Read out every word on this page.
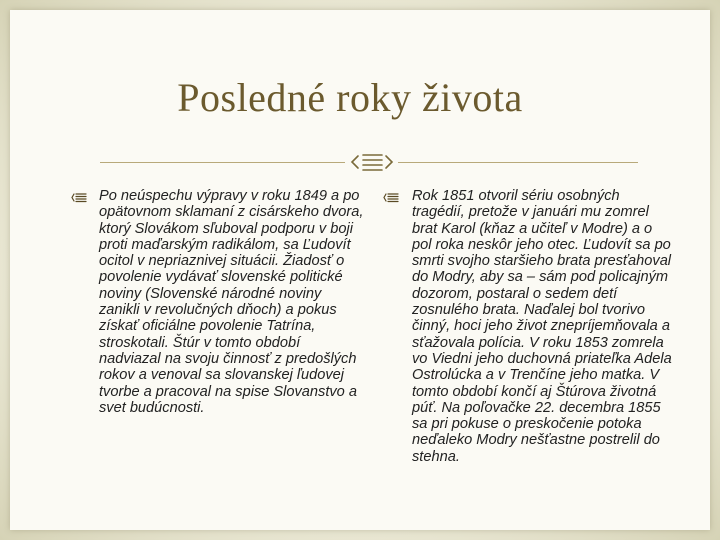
Posledné roky života
Po neúspechu výpravy v roku 1849 a po opätovnom sklamaní z cisárskeho dvora, ktorý Slovákom sľuboval podporu v boji proti maďarským radikálom, sa Ľudovít ocitol v nepriaznivej situácii. Žiadosť o povolenie vydávať slovenské politické noviny (Slovenské národné noviny zanikli v revolučných dňoch) a pokus získať oficiálne povolenie Tatrína, stroskotali. Štúr v tomto období nadviazal na svoju činnosť z predošlých rokov a venoval sa slovanskej ľudovej tvorbe a pracoval na spise Slovanstvo a svet budúcnosti.
Rok 1851 otvoril sériu osobných tragédií, pretože v januári mu zomrel brat Karol (kňaz a učiteľ v Modre) a o pol roka neskôr jeho otec. Ľudovít sa po smrti svojho staršieho brata presťahoval do Modry, aby sa – sám pod policajným dozorom, postaral o sedem detí zosnulého brata. Naďalej bol tvorivo činný, hoci jeho život znepríjemňovala a sťažovala polícia. V roku 1853 zomrela vo Viedni jeho duchovná priateľka Adela Ostrolúcka a v Trenčíne jeho matka. V tomto období končí aj Štúrova životná púť. Na poľovačke 22. decembra 1855 sa pri pokuse o preskočenie potoka neďaleko Modry nešťastne postrelil do stehna.
